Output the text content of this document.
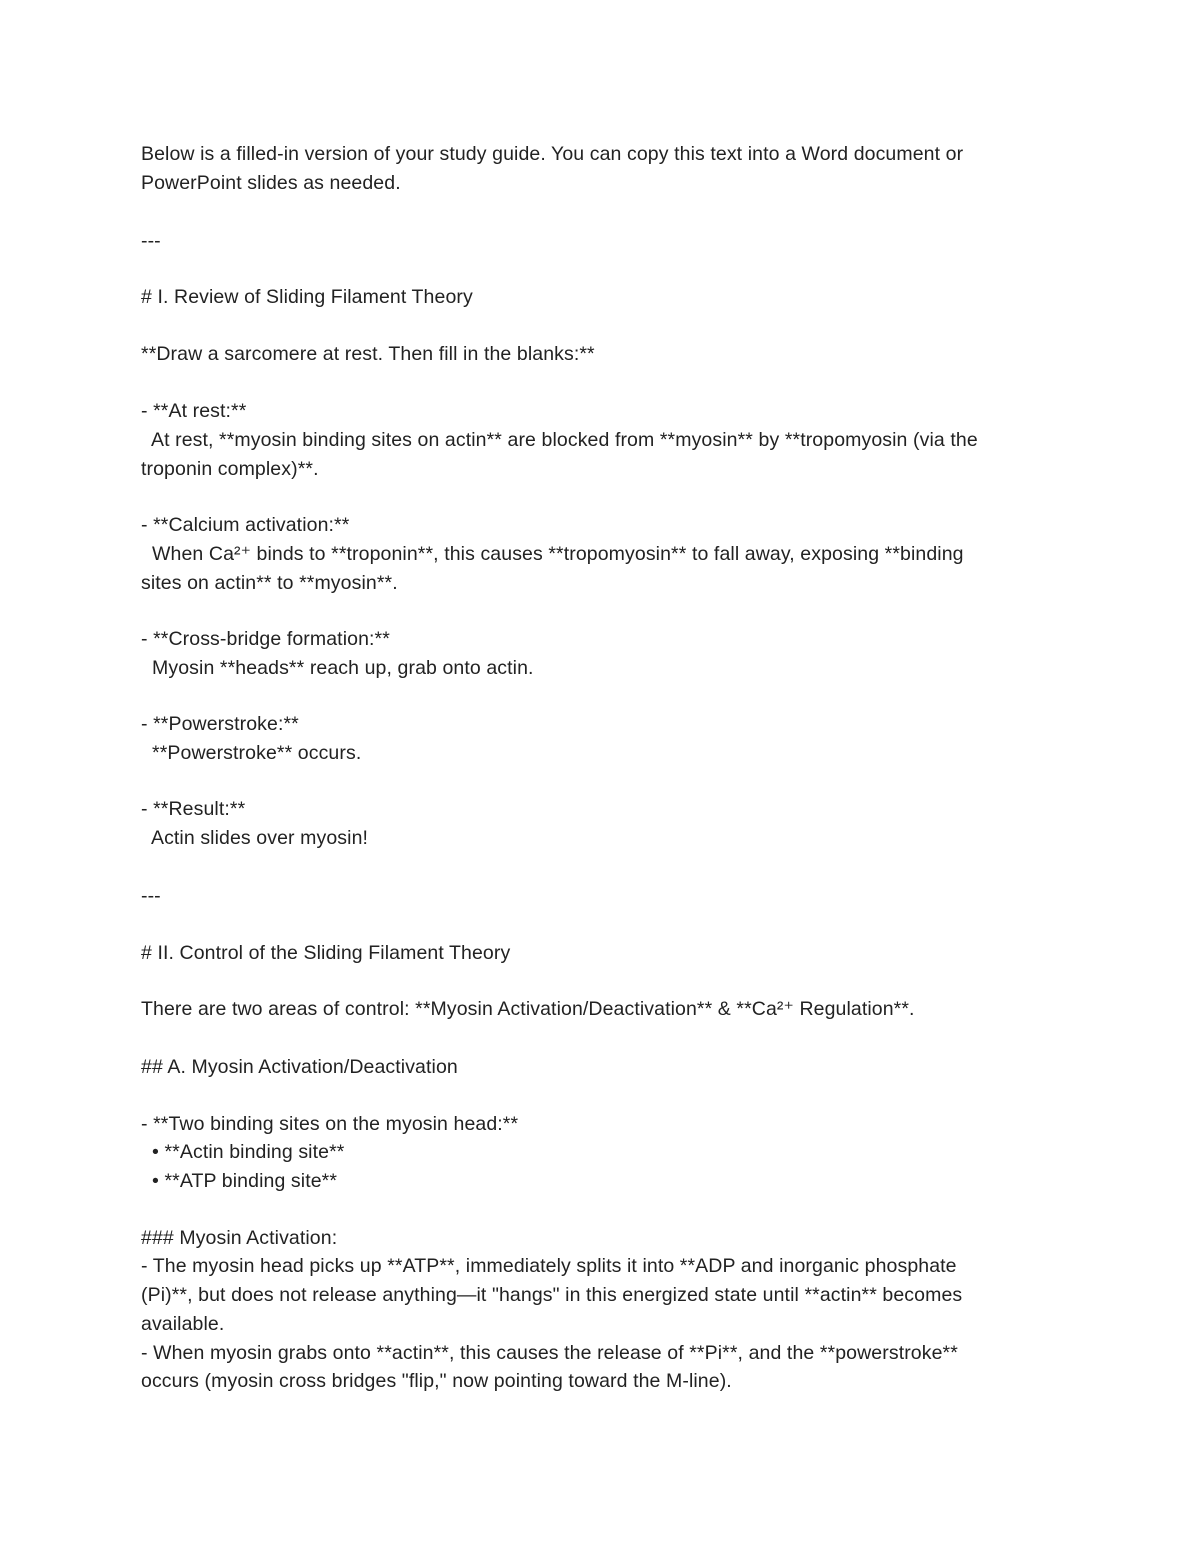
Below is a filled-in version of your study guide. You can copy this text into a Word document or
PowerPoint slides as needed.
---
# I. Review of Sliding Filament Theory
**Draw a sarcomere at rest. Then fill in the blanks:**
- **At rest:**
At rest, **myosin binding sites on actin** are blocked from **myosin** by **tropomyosin (via the
troponin complex)**.
- **Calcium activation:**
When Ca²⁺ binds to **troponin**, this causes **tropomyosin** to fall away, exposing **binding
sites on actin** to **myosin**.
- **Cross-bridge formation:**
Myosin **heads** reach up, grab onto actin.
- **Powerstroke:**
**Powerstroke** occurs.
- **Result:**
Actin slides over myosin!
---
# II. Control of the Sliding Filament Theory
There are two areas of control: **Myosin Activation/Deactivation** & **Ca²⁺ Regulation**.
## A. Myosin Activation/Deactivation
- **Two binding sites on the myosin head:**
• **Actin binding site**
• **ATP binding site**
### Myosin Activation:
- The myosin head picks up **ATP**, immediately splits it into **ADP and inorganic phosphate
(Pi)**, but does not release anything—it "hangs" in this energized state until **actin** becomes
available.
- When myosin grabs onto **actin**, this causes the release of **Pi**, and the **powerstroke**
occurs (myosin cross bridges "flip," now pointing toward the M-line).
